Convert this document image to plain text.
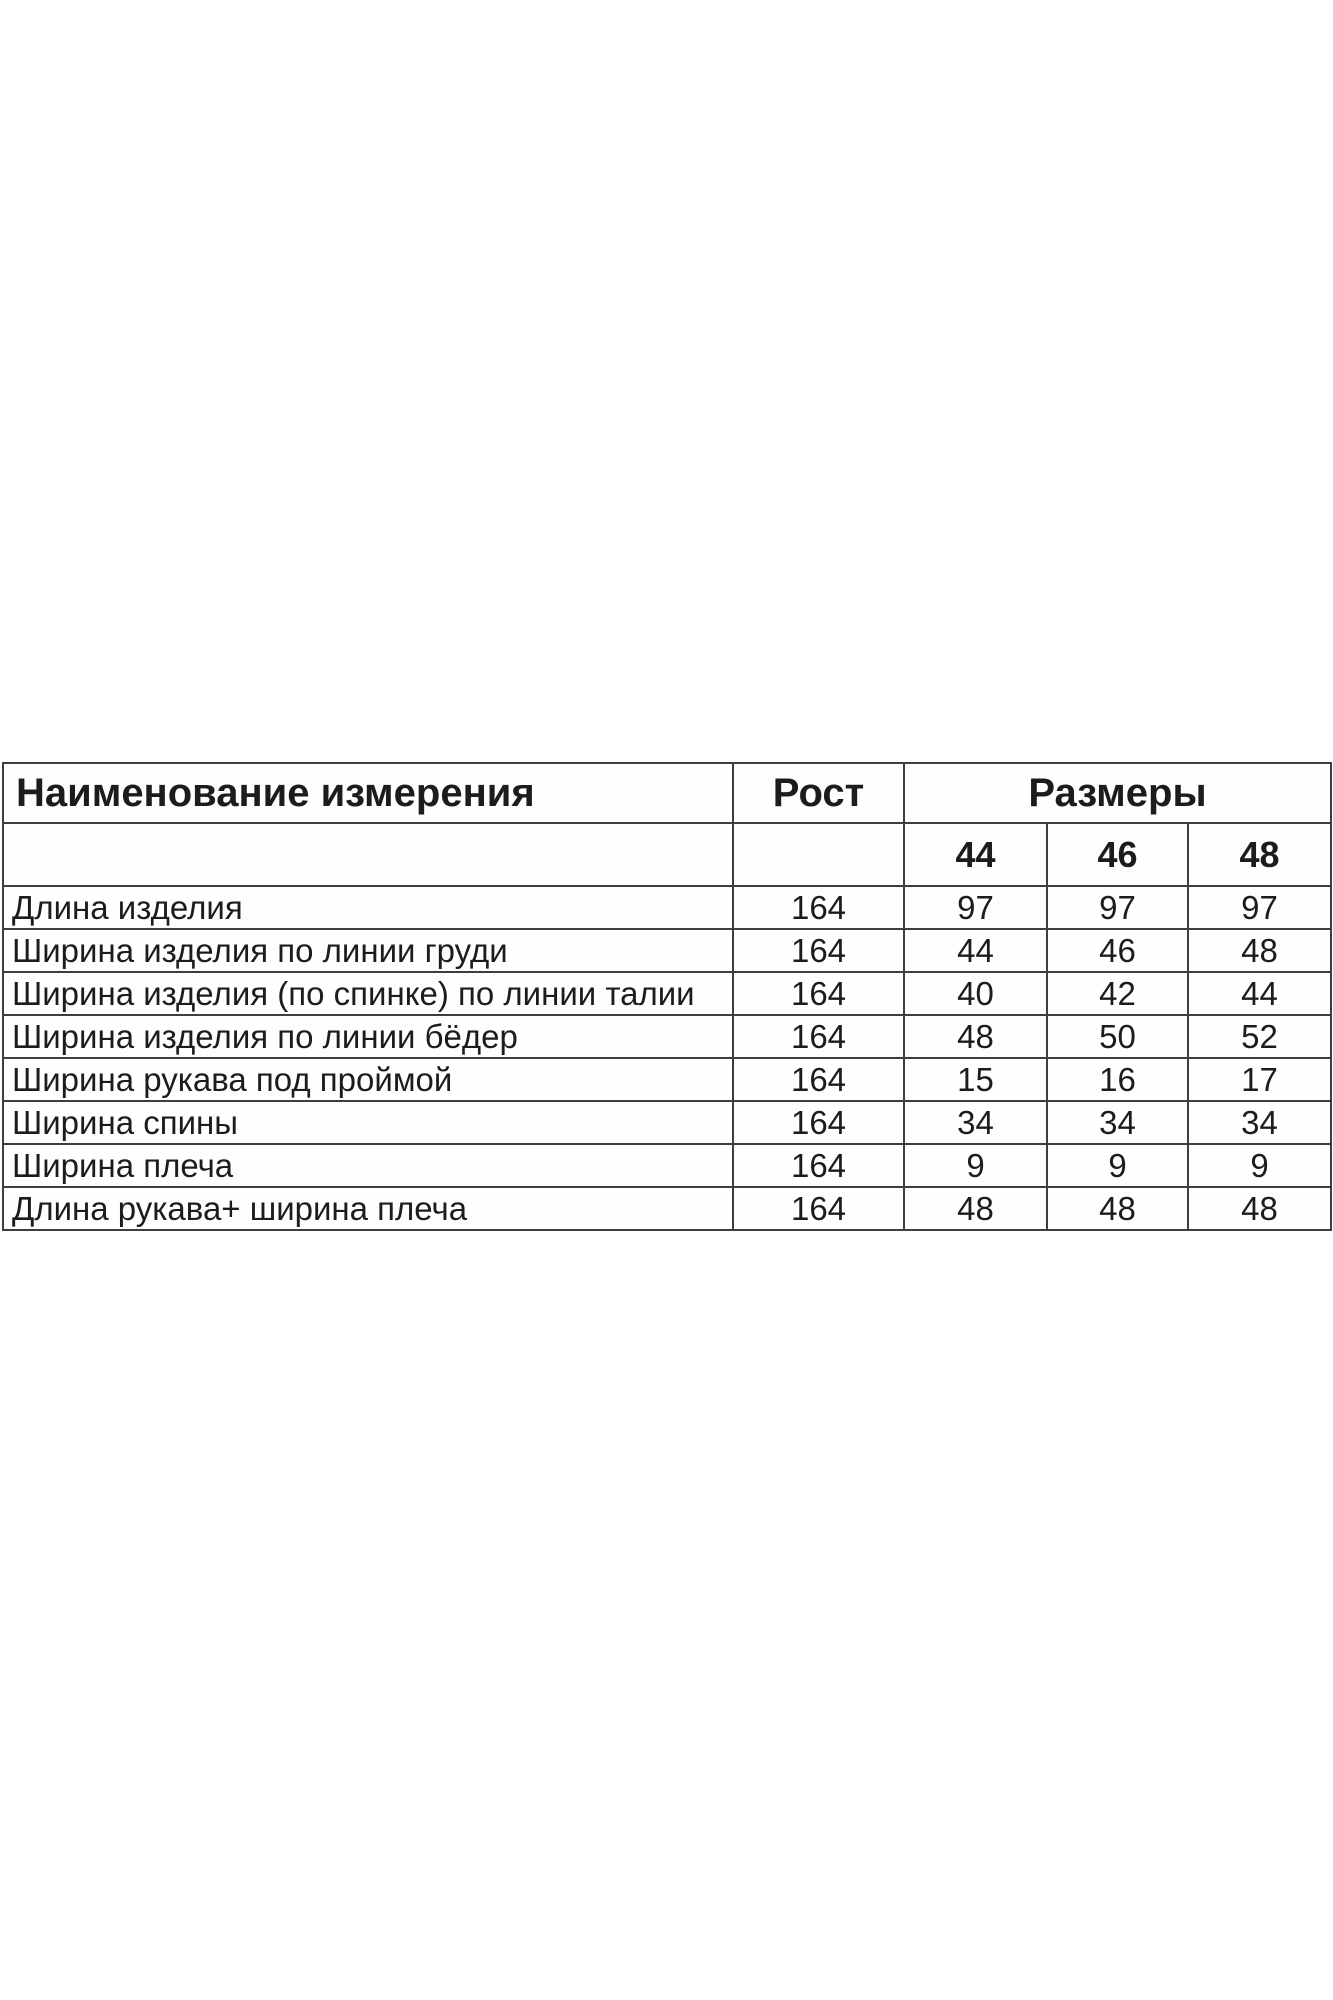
Наименование измерения	Рост	Размеры		
		44	46	48
Длина изделия	164	97	97	97
Ширина изделия по линии груди	164	44	46	48
Ширина изделия (по спинке) по линии талии	164	40	42	44
Ширина изделия по линии бёдер	164	48	50	52
Ширина рукава под проймой	164	15	16	17
Ширина спины	164	34	34	34
Ширина плеча	164	9	9	9
Длина рукава+ ширина плеча	164	48	48	48
